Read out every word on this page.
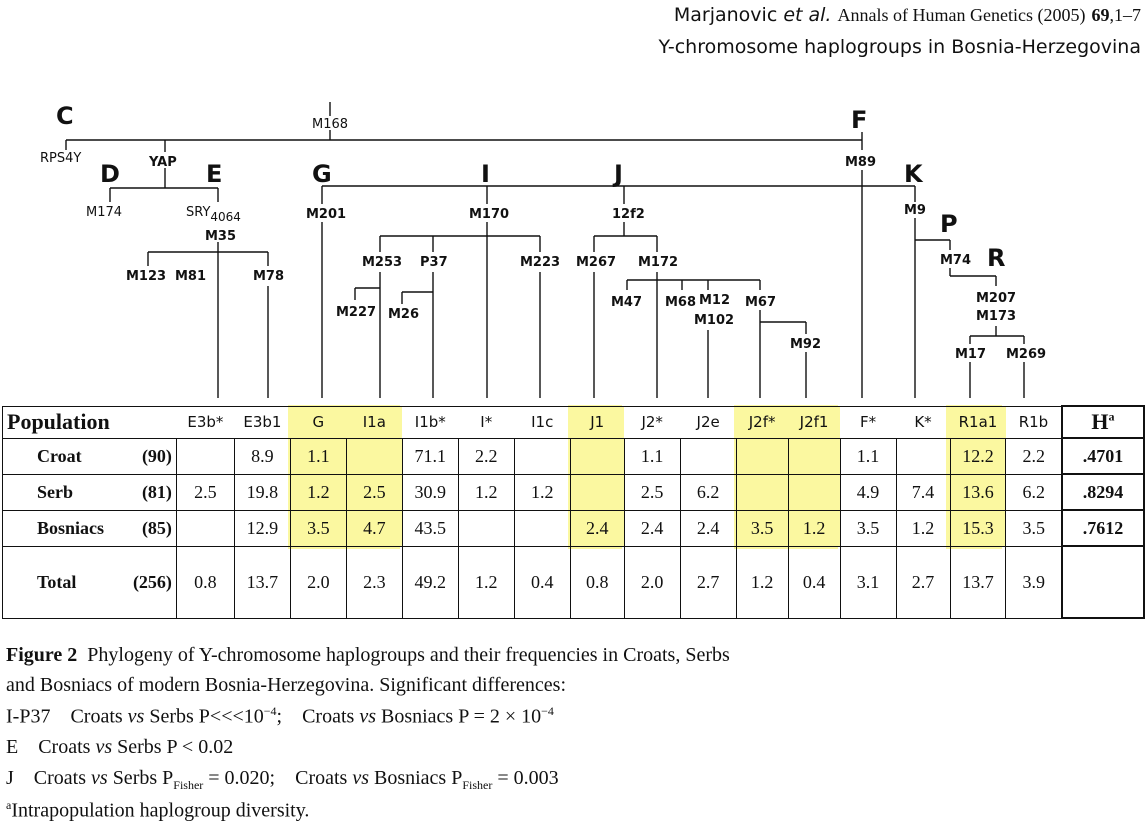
Marjanovic et al. Annals of Human Genetics (2005) 69,1–7
Y-chromosome haplogroups in Bosnia-Herzegovina
C	F
D	E	G	I	J	K
P
R
M168
RPS4Y	YAP
M174	SRY4064
M89
M201	M170	12f2	M9
M35
M123 M81	M78
M253 P37
M227 M26
M223 M267 M172
M47 M68 M12
M102
M67
M92
M74
M207
M173
M17 M269
Population	E3b*	E3b1	G	I1a	I1b*	I*	I1c	J1	J2*	J2e	J2f*	J2f1	F*	K*	R1a1	R1b	$H^a$
Croat (90)		8.9	1.1		71.1	2.2			1.1				1.1		12.2	2.2	.4701
Serb (81)	2.5	19.8	1.2	2.5	30.9	1.2	1.2		2.5	6.2			4.9	7.4	13.6	6.2	.8294
Bosniacs (85)		12.9	3.5	4.7	43.5			2.4	2.4	2.4	3.5	1.2	3.5	1.2	15.3	3.5	.7612
Total (256)	0.8	13.7	2.0	2.3	49.2	1.2	0.4	0.8	2.0	2.7	1.2	0.4	3.1	2.7	13.7	3.9	
Figure 2 Phylogeny of Y-chromosome haplogroups and their frequencies in Croats, Serbs
and Bosniacs of modern Bosnia-Herzegovina. Significant differences:
I-P37 Croats vs Serbs $P<<<10^{-4}$; Croats vs Bosniacs $P = 2 \times 10^{-4}$
E Croats vs Serbs P < 0.02
J Croats vs Serbs $P_{Fisher} = 0.020$; Croats vs Bosniacs $P_{Fisher} = 0.003$
$^a$Intrapopulation haplogroup diversity.
